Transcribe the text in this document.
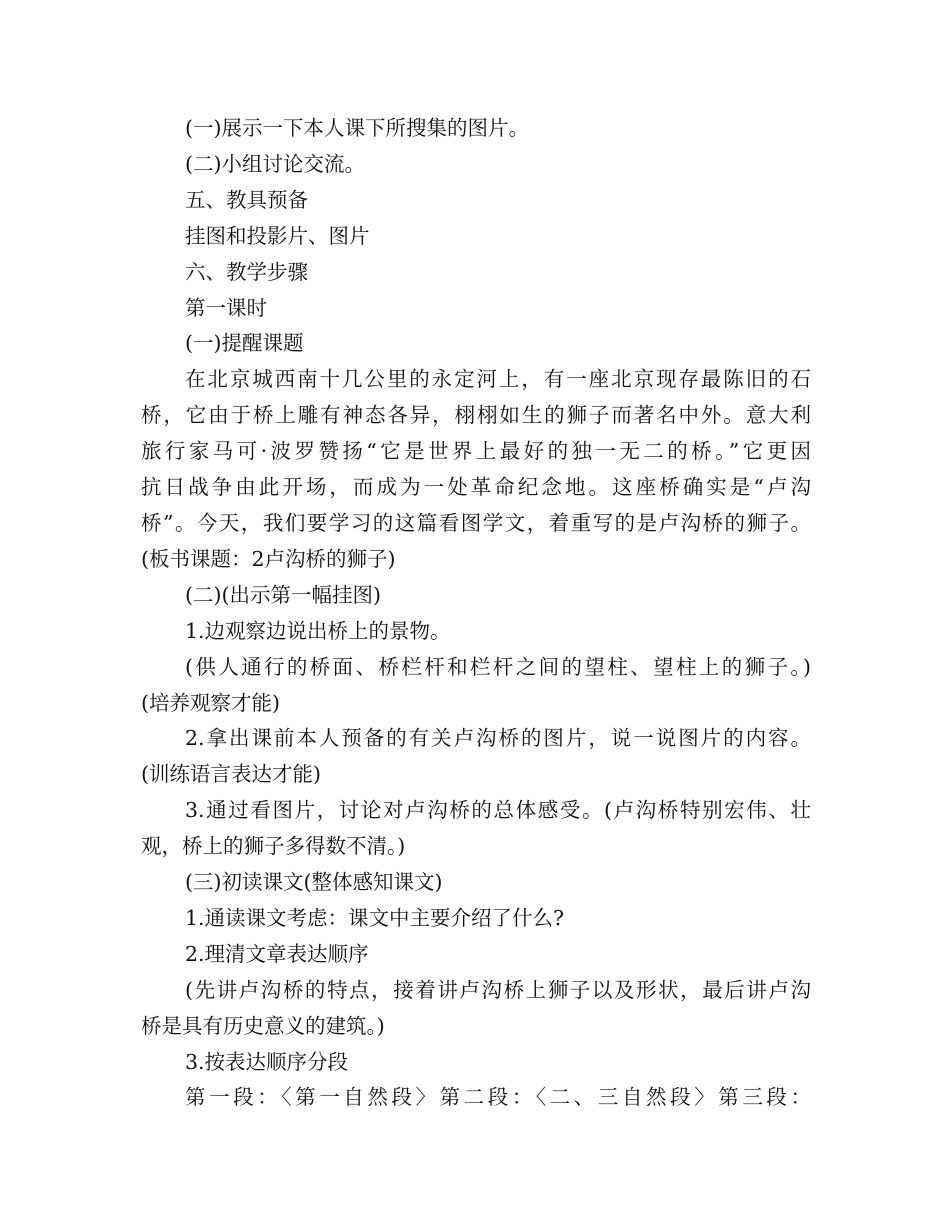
(一)展示一下本人课下所搜集的图片。

(二)小组讨论交流。

五、教具预备

挂图和投影片、图片

六、教学步骤

第一课时

(一)提醒课题

在北京城西南十几公里的永定河上，有一座北京现存最陈旧的石

桥，它由于桥上雕有神态各异，栩栩如生的狮子而著名中外。意大利

旅行家马可·波罗赞扬“它是世界上最好的独一无二的桥。”它更因

抗日战争由此开场，而成为一处革命纪念地。这座桥确实是“卢沟

桥”。今天，我们要学习的这篇看图学文，着重写的是卢沟桥的狮子。

(板书课题：2卢沟桥的狮子)

(二)(出示第一幅挂图)

1.边观察边说出桥上的景物。

(供人通行的桥面、桥栏杆和栏杆之间的望柱、望柱上的狮子。)

(培养观察才能)

2.拿出课前本人预备的有关卢沟桥的图片，说一说图片的内容。

(训练语言表达才能)

3.通过看图片，讨论对卢沟桥的总体感受。(卢沟桥特别宏伟、壮

观，桥上的狮子多得数不清。)

(三)初读课文(整体感知课文)

1.通读课文考虑：课文中主要介绍了什么?

2.理清文章表达顺序

(先讲卢沟桥的特点，接着讲卢沟桥上狮子以及形状，最后讲卢沟

桥是具有历史意义的建筑。)

3.按表达顺序分段

第一段：〈第一自然段〉第二段：〈二、三自然段〉第三段：
